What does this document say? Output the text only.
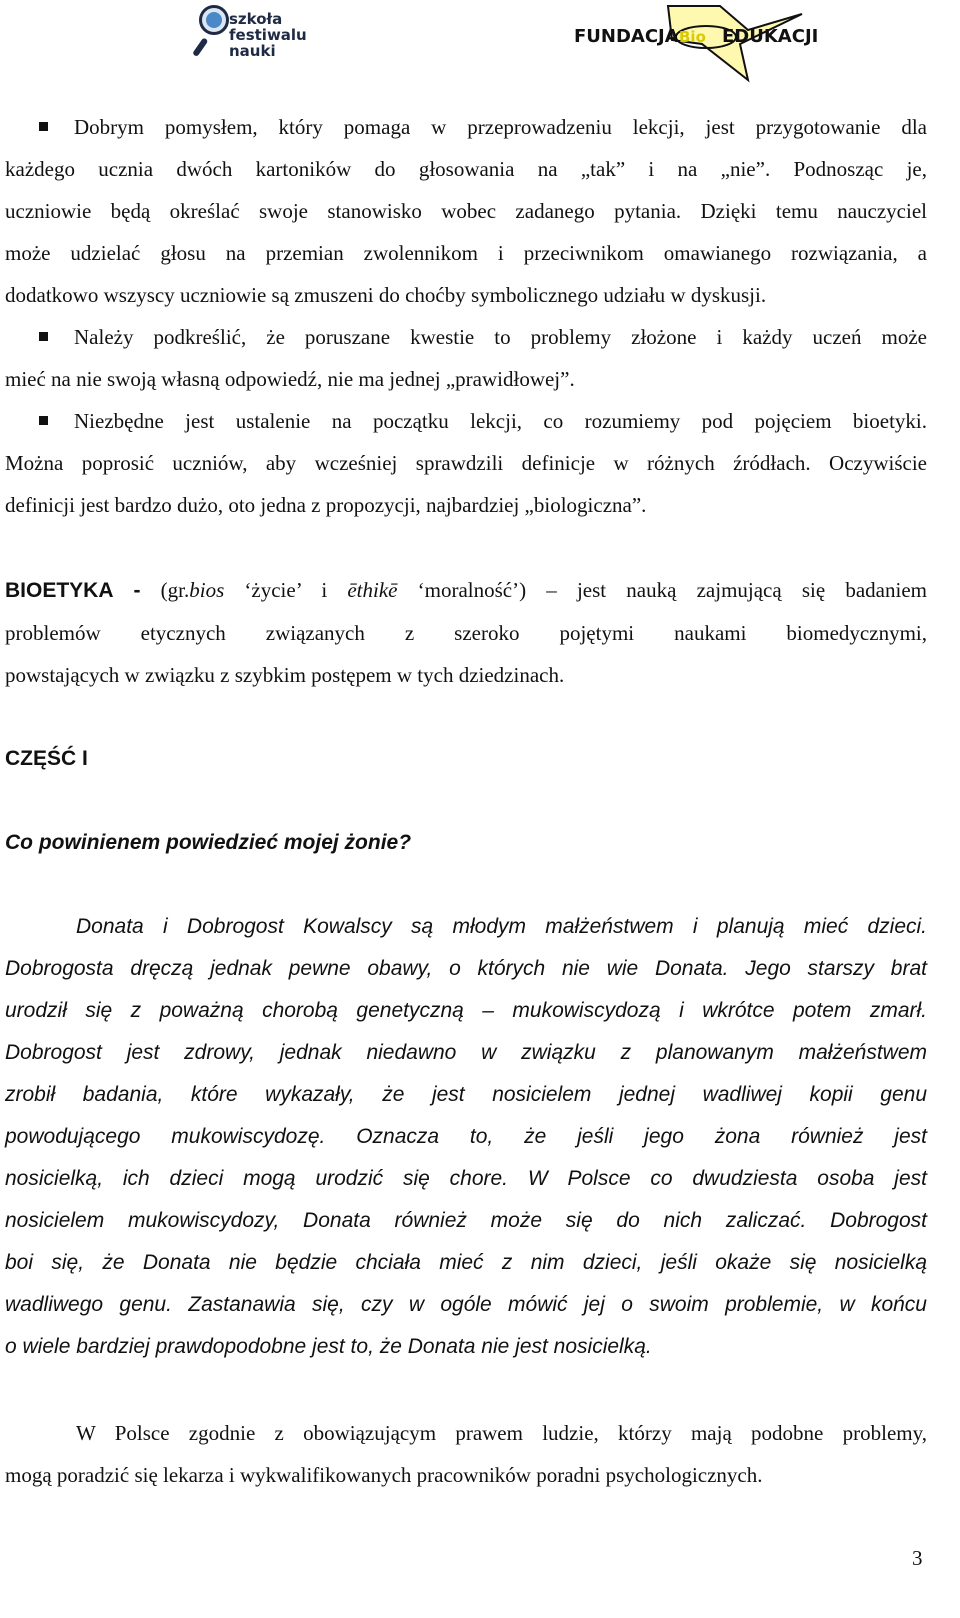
szkoła
festiwalu
nauki
FUNDACJA Bio EDUKACJI
Dobrym pomysłem, który pomaga w przeprowadzeniu lekcji, jest przygotowanie dla
każdego ucznia dwóch kartoników do głosowania na „tak” i na „nie”. Podnosząc je,
uczniowie będą określać swoje stanowisko wobec zadanego pytania. Dzięki temu nauczyciel
może udzielać głosu na przemian zwolennikom i przeciwnikom omawianego rozwiązania, a
dodatkowo wszyscy uczniowie są zmuszeni do choćby symbolicznego udziału w dyskusji.
Należy podkreślić, że poruszane kwestie to problemy złożone i każdy uczeń może
mieć na nie swoją własną odpowiedź, nie ma jednej „prawidłowej”.
Niezbędne jest ustalenie na początku lekcji, co rozumiemy pod pojęciem bioetyki.
Można poprosić uczniów, aby wcześniej sprawdzili definicje w różnych źródłach. Oczywiście
definicji jest bardzo dużo, oto jedna z propozycji, najbardziej „biologiczna”.
BIOETYKA - (gr.bios ‘życie’ i ēthikē ‘moralność’) – jest nauką zajmującą się badaniem
problemów etycznych związanych z szeroko pojętymi naukami biomedycznymi,
powstających w związku z szybkim postępem w tych dziedzinach.
CZĘŚĆ I
Co powinienem powiedzieć mojej żonie?
Donata i Dobrogost Kowalscy są młodym małżeństwem i planują mieć dzieci.
Dobrogosta dręczą jednak pewne obawy, o których nie wie Donata. Jego starszy brat
urodził się z poważną chorobą genetyczną – mukowiscydozą i wkrótce potem zmarł.
Dobrogost jest zdrowy, jednak niedawno w związku z planowanym małżeństwem
zrobił badania, które wykazały, że jest nosicielem jednej wadliwej kopii genu
powodującego mukowiscydozę. Oznacza to, że jeśli jego żona również jest
nosicielką, ich dzieci mogą urodzić się chore. W Polsce co dwudziesta osoba jest
nosicielem mukowiscydozy, Donata również może się do nich zaliczać. Dobrogost
boi się, że Donata nie będzie chciała mieć z nim dzieci, jeśli okaże się nosicielką
wadliwego genu. Zastanawia się, czy w ogóle mówić jej o swoim problemie, w końcu
o wiele bardziej prawdopodobne jest to, że Donata nie jest nosicielką.
W Polsce zgodnie z obowiązującym prawem ludzie, którzy mają podobne problemy,
mogą poradzić się lekarza i wykwalifikowanych pracowników poradni psychologicznych.
3
